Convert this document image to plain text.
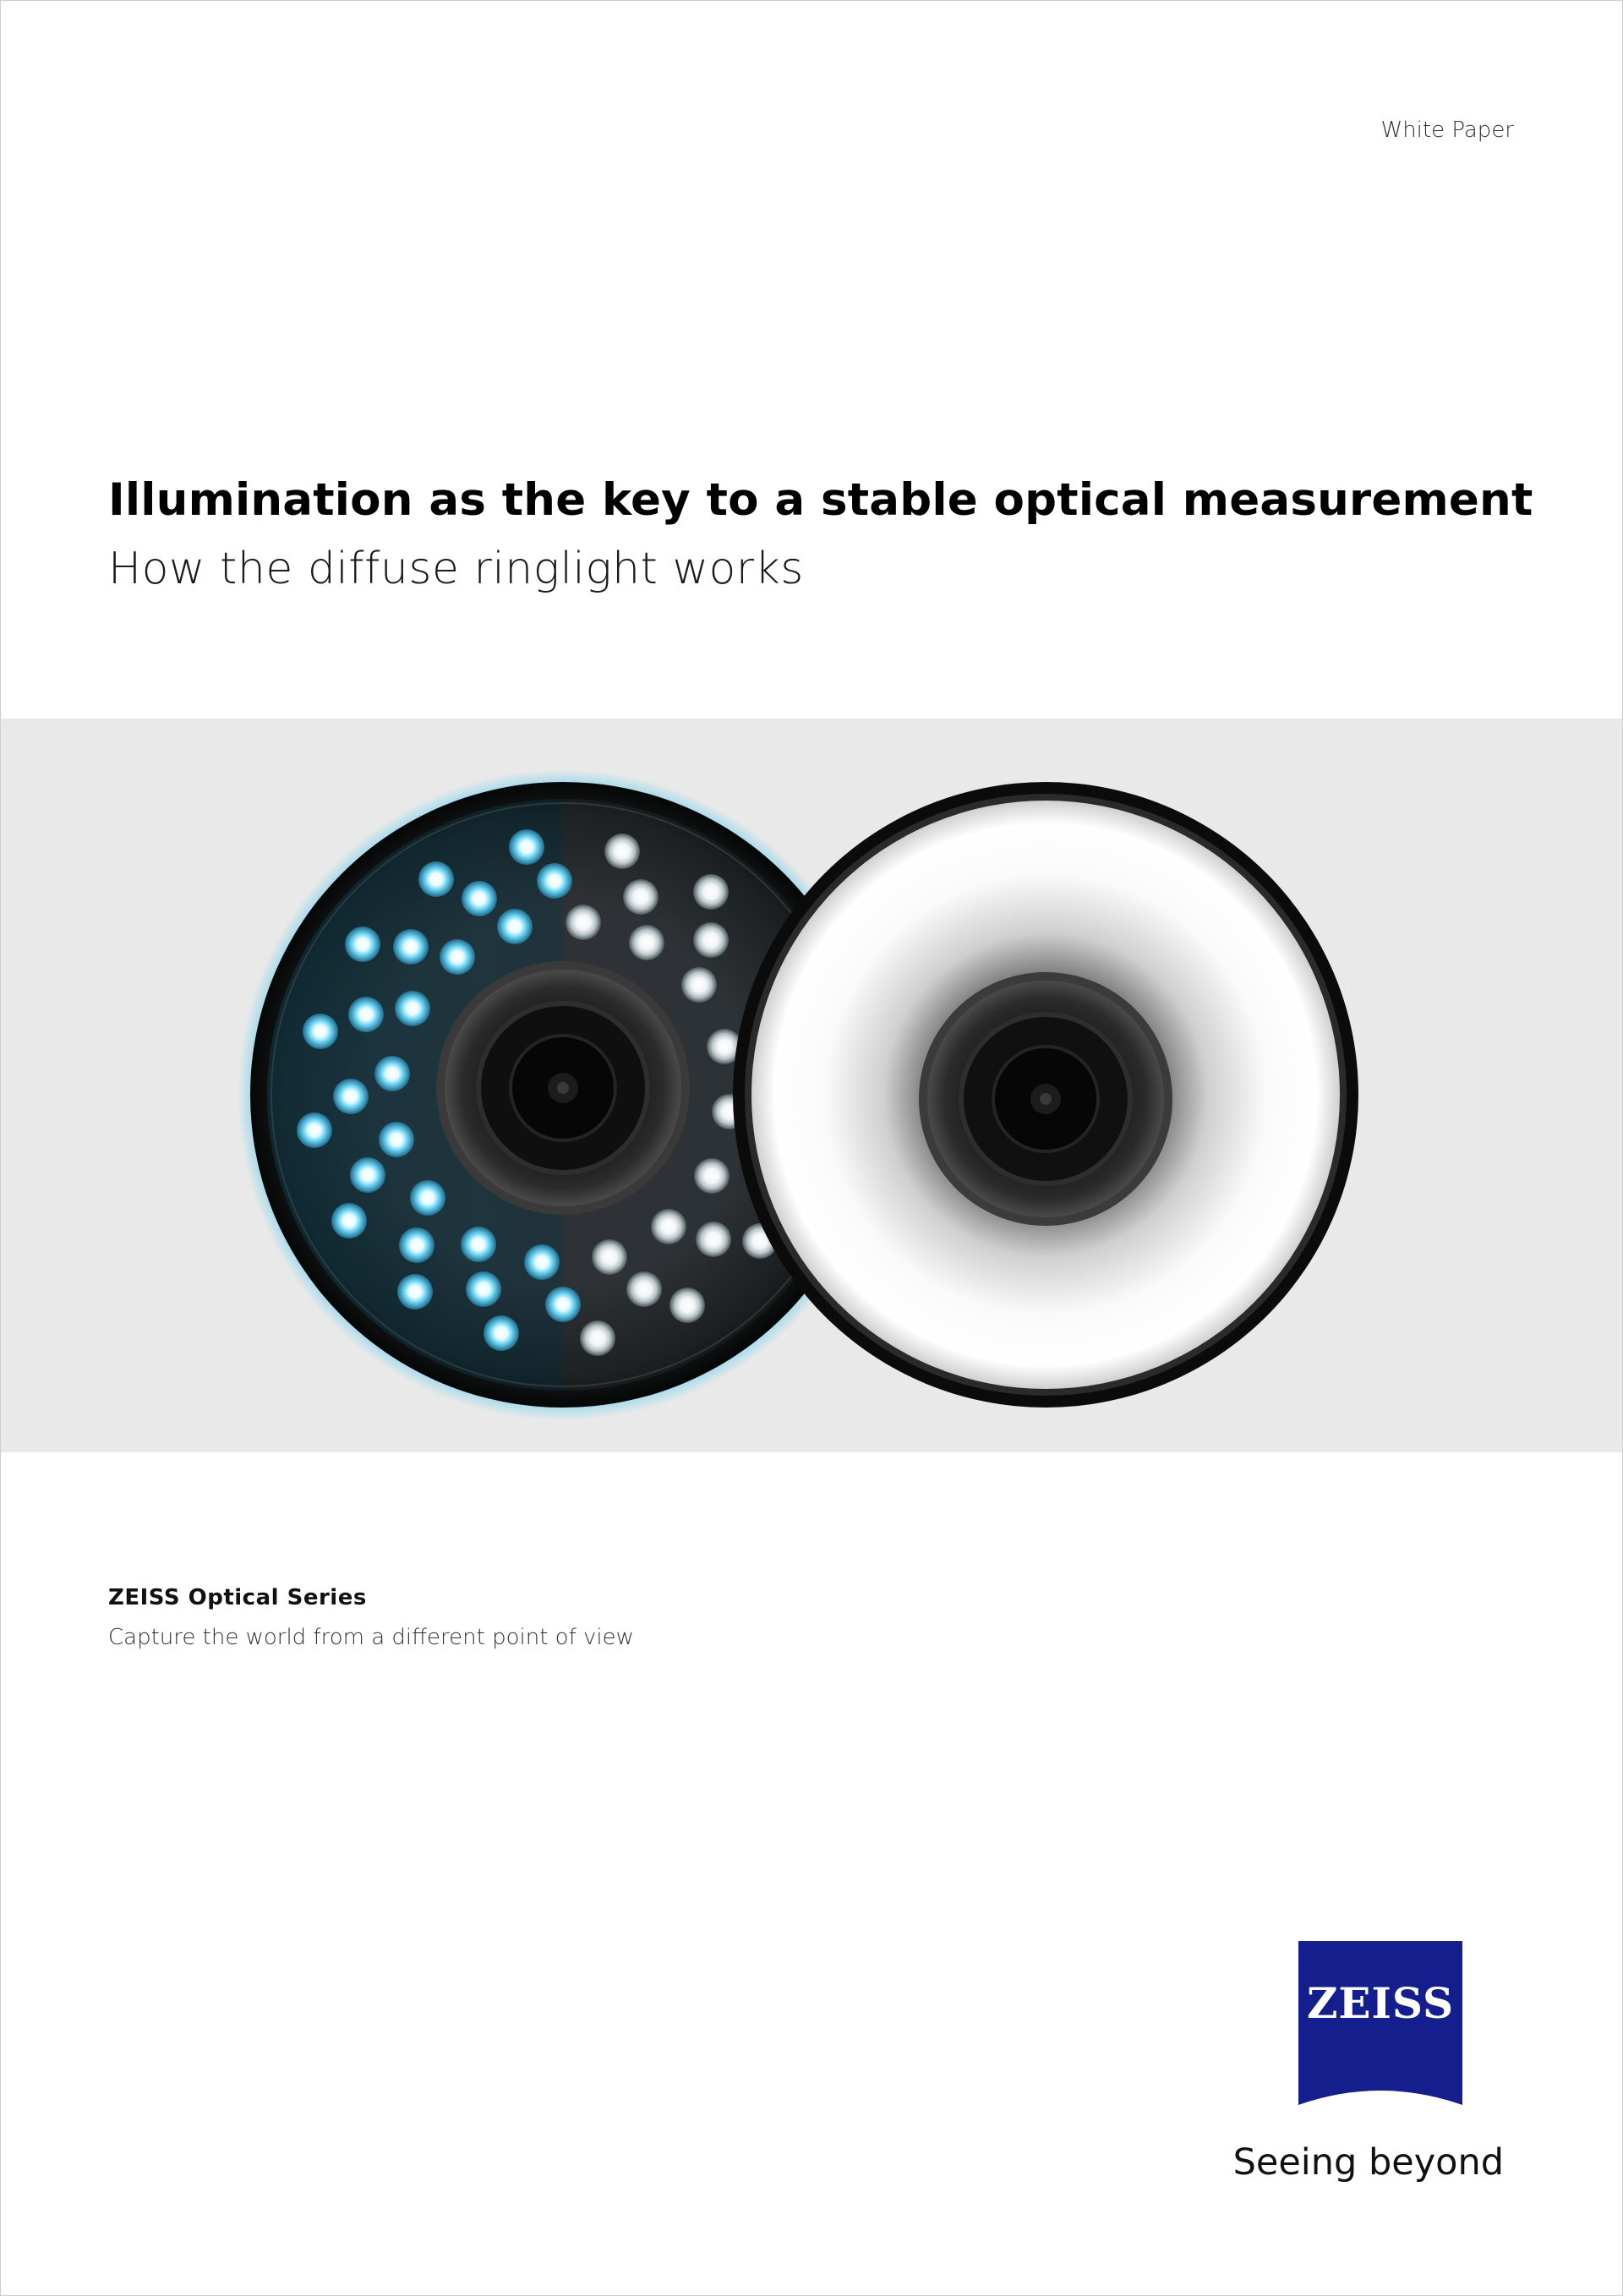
White Paper
Illumination as the key to a stable optical measurement
How the diffuse ringlight works
ZEISS Optical Series
Capture the world from a different point of view
ZEISS
Seeing beyond
